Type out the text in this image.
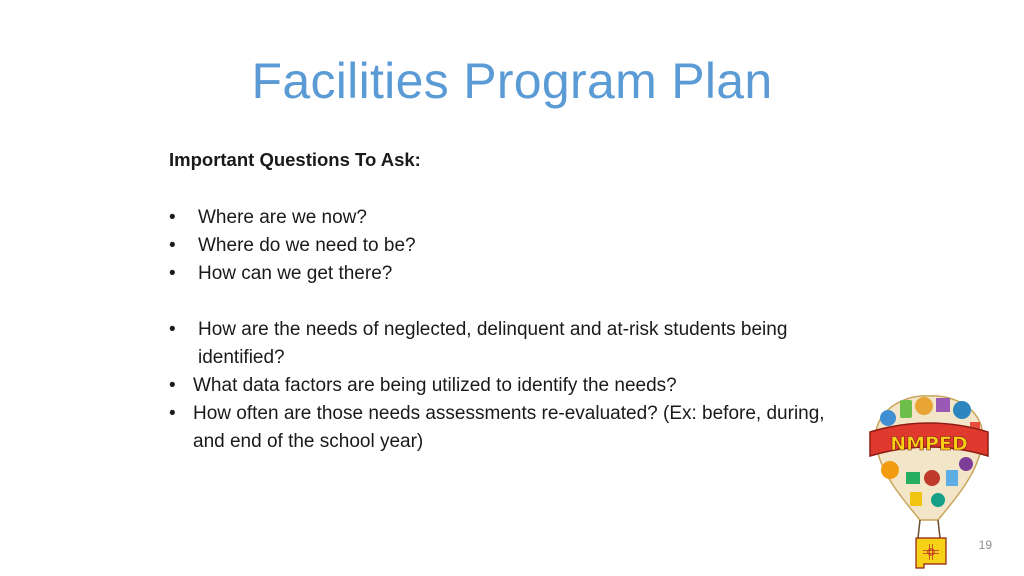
Facilities Program Plan

Important Questions To Ask:

• Where are we now?
• Where do we need to be?
• How can we get there?
• How are the needs of neglected, delinquent and at-risk students being identified?
• What data factors are being utilized to identify the needs?
• How often are those needs assessments re-evaluated? (Ex: before, during, and end of the school year)	NMPED
19
